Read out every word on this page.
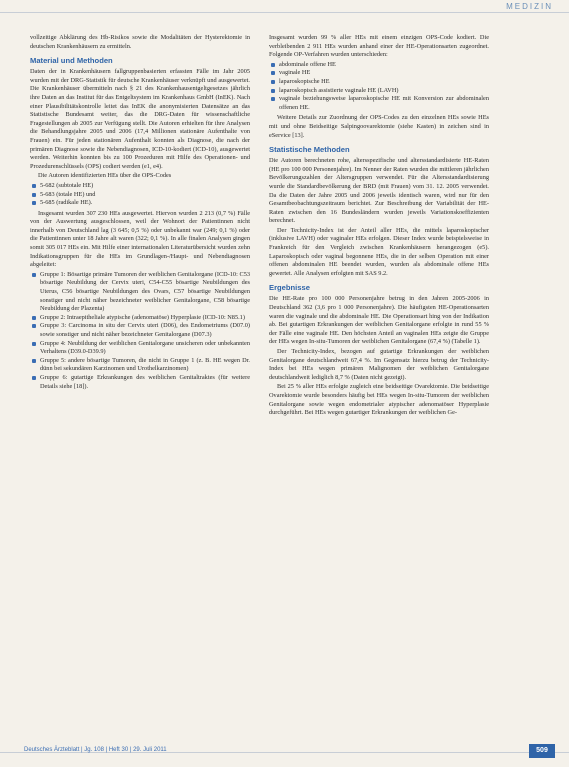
MEDIZIN

vollzeitige Abklärung des Hb-Risikos sowie die Modalitäten der Hysterektomie in deutschen Krankenhäusern zu ermitteln.

Material und Methoden

Daten der in Krankenhäusern fallgruppenbasierten erfassten Fälle im Jahr 2005 wurden mit der DRG-Statistik für deutsche Krankenhäuser verknüpft und ausgewertet. Die Krankenhäuser übermitteln nach § 21 des Krankenhausentgeltgesetzes jährlich ihre Daten an das Institut für das Entgeltsystem im Krankenhaus GmbH (InEK). Nach einer Plausibilitätskontrolle leitet das InEK die anonymisierten Datensätze an das Statistische Bundesamt weiter, das die DRG-Daten für wissenschaftliche Fragestellungen ab 2005 zur Verfügung stellt. Die Autoren erhielten für ihre Analysen die Behandlungsjahre 2005 und 2006 (17,4 Millionen stationäre Aufenthalte von Frauen) ein. Für jeden stationären Aufenthalt konnten als Diagnose, die nach der primären Diagnose sowie die Nebendiagnosen, ICD-10-kodiert (ICD-10), ausgewertet werden. Weiterhin konnten bis zu 100 Prozeduren mit Hilfe des Operationen- und Prozedurenschlüssels (OPS) codiert werden (e1, e4).

Die Autoren identifizierten HEs über die OPS-Codes

5-682 (subtotale HE)
5-683 (totale HE) und
5-685 (radikale HE).

Insgesamt wurden 307 230 HEs ausgewertet. Hiervon wurden 2 213 (0,7 %) Fälle von der Auswertung ausgeschlossen, weil der Wohnort der Patientinnen nicht innerhalb von Deutschland lag (3 645; 0,5 %) oder unbekannt war (249; 0,1 %) oder die Patientinnen unter 18 Jahre alt waren (322; 0,1 %). In alle finalen Analysen gingen somit 305 017 HEs ein. Mit Hilfe einer internationalen Literaturübersicht wurden zehn Indikationsgruppen für die HEs im Grundlagen-/Haupt- und Nebendiagnosen abgeleitet:

Gruppe 1: Bösartige primäre Tumoren der weiblichen Genitalorgane (ICD-10: C53 bösartige Neubildung der Cervix uteri, C54-C55 bösartige Neubildungen des Uterus, C56 bösartige Neubildungen des Ovars, C57 bösartige Neubildungen sonstiger und nicht näher bezeichneter weiblicher Genitalorgane, C58 bösartige Neubildung der Plazenta)
Gruppe 2: Intraepitheliale atypische (adenomatöse) Hyperplasie (ICD-10: N85.1)
Gruppe 3: Carcinoma in situ der Cervix uteri (D06), des Endometriums (D07.0) sowie sonstiger und nicht näher bezeichneter Genitalorgane (D07.3)
Gruppe 4: Neubildung der weiblichen Genitalorgane unsicheren oder unbekannten Verhaltens (D39.0-D39.9)
Gruppe 5: andere bösartige Tumoren, die nicht in Gruppe 1 (z. B. HE wegen Dr. dünn bei sekundären Karzinomen und Urothelkarzinomen)
Gruppe 6: gutartige Erkrankungen des weiblichen Genitaltraktes (für weitere Details siehe [18]).

Insgesamt wurden 99 % aller HEs mit einem einzigen OPS-Code kodiert. Die verbleibenden 2 911 HEs wurden anhand einer der HE-Operationsarten zugeordnet. Folgende OP-Verfahren wurden unterschieden:

abdominale offene HE
vaginale HE
laparoskopische HE
laparoskopisch assistierte vaginale HE (LAVH)
vaginale beziehungsweise laparoskopische HE mit Konversion zur abdominalen offenen HE.

Weitere Details zur Zuordnung der OPS-Codes zu den einzelnen HEs sowie HEs mit und ohne Beidseitige Salpingoovarektomie (siehe Kasten) in zeichen sind in eService [13].

Statistische Methoden

Die Autoren berechneten rohe, altersspezifische und altersstandardisierte HE-Raten (HE pro 100 000 Personenjahre). Im Nenner der Raten wurden die mittleren jährlichen Bevölkerungszahlen der Altersgruppen verwendet. Für die Altersstandardisierung wurde die Standardbevölkerung der BRD (mit Frauen) vom 31. 12. 2005 verwendet. Da die Daten der Jahre 2005 und 2006 jeweils identisch waren, wird nur für den Gesamtbeobachtungszeitraum berichtet. Zur Beschreibung der Variabilität der HE-Raten zwischen den 16 Bundesländern wurden jeweils Variationskoeffizienten berechnet.

Der Technicity-Index ist der Anteil aller HEs, die mittels laparoskopischer (inklusive LAVH) oder vaginaler HEs erfolgen. Dieser Index wurde beispielsweise in Frankreich für den Vergleich zwischen Krankenhäusern herangezogen (e5). Laparoskopisch oder vaginal begonnene HEs, die in der selben Operation mit einer offenen abdominalen HE beendet wurden, wurden als abdominale offene HEs gewertet. Alle Analysen erfolgten mit SAS 9.2.

Ergebnisse

Die HE-Rate pro 100 000 Personenjahre betrug in den Jahren 2005-2006 in Deutschland 362 (3,6 pro 1 000 Personenjahre). Die häufigsten HE-Operationsarten waren die vaginale und die abdominale HE. Die Operationsart hing von der Indikation ab. Bei gutartigen Erkrankungen der weiblichen Genitalorgane erfolgte in rund 55 % der Fälle eine vaginale HE. Den höchsten Anteil an vaginalen HEs zeigte die Gruppe der HEs wegen In-situ-Tumoren der weiblichen Genitalorgane (67,4 %) (Tabelle 1).

Der Technicity-Index, bezogen auf gutartige Erkrankungen der weiblichen Genitalorgane deutschlandweit 67,4 %. Im Gegensatz hierzu betrug der Technicity-Index bei HEs wegen primären Malignomen der weiblichen Genitalorgane deutschlandweit lediglich 8,7 % (Daten nicht gezeigt).

Bei 25 % aller HEs erfolgte zugleich eine beidseitige Ovarektomie. Die beidseitige Ovarektomie wurde besonders häufig bei HEs wegen In-situ-Tumoren der weiblichen Genitalorgane sowie wegen endometrialer atypischer adenomatöser Hyperplasie durchgeführt. Bei HEs wegen gutartiger Erkrankungen der weiblichen Ge-

Deutsches Ärzteblatt | Jg. 108 | Heft 30 | 29. Juli 2011	509
